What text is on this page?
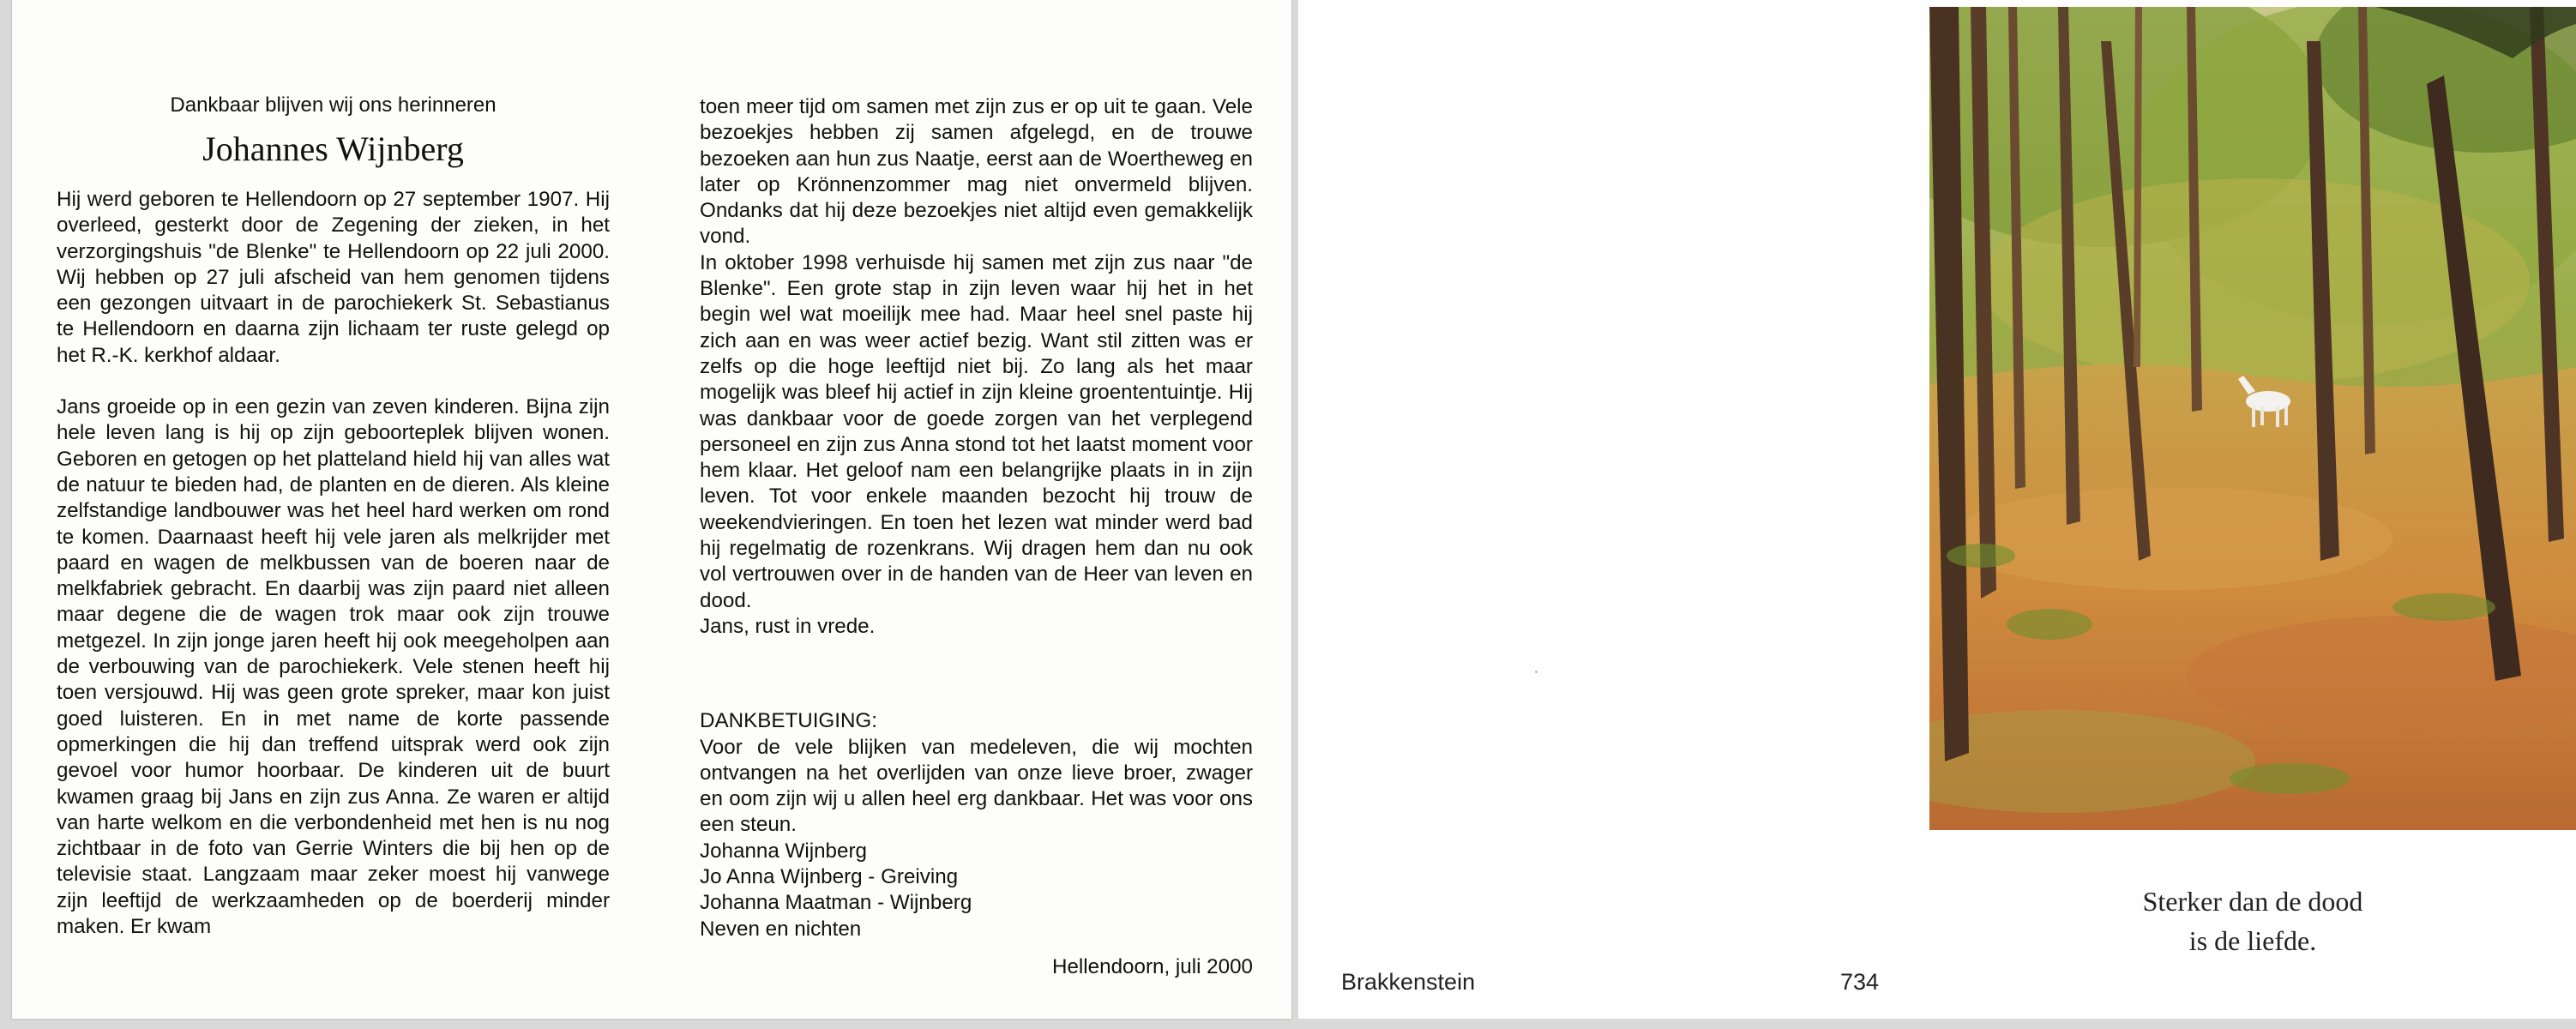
Dankbaar blijven wij ons herinneren

Johannes Wijnberg

Hij werd geboren te Hellendoorn op 27 september 1907. Hij overleed, gesterkt door de Zegening der zieken, in het verzorgingshuis "de Blenke" te Hellendoorn op 22 juli 2000. Wij hebben op 27 juli afscheid van hem genomen tijdens een gezongen uitvaart in de parochiekerk St. Sebastianus te Hellendoorn en daarna zijn lichaam ter ruste gelegd op het R.-K. kerkhof aldaar.

Jans groeide op in een gezin van zeven kinderen. Bijna zijn hele leven lang is hij op zijn geboorteplek blijven wonen. Geboren en getogen op het platteland hield hij van alles wat de natuur te bieden had, de planten en de dieren. Als kleine zelfstandige landbouwer was het heel hard werken om rond te komen. Daarnaast heeft hij vele jaren als melkrijder met paard en wagen de melkbussen van de boeren naar de melkfabriek gebracht. En daarbij was zijn paard niet alleen maar degene die de wagen trok maar ook zijn trouwe metgezel. In zijn jonge jaren heeft hij ook meegeholpen aan de verbouwing van de parochiekerk. Vele stenen heeft hij toen versjouwd. Hij was geen grote spreker, maar kon juist goed luisteren. En in met name de korte passende opmerkingen die hij dan treffend uitsprak werd ook zijn gevoel voor humor hoorbaar. De kinderen uit de buurt kwamen graag bij Jans en zijn zus Anna. Ze waren er altijd van harte welkom en die verbondenheid met hen is nu nog zichtbaar in de foto van Gerrie Winters die bij hen op de televisie staat. Langzaam maar zeker moest hij vanwege zijn leeftijd de werkzaamheden op de boerderij minder maken. Er kwam

toen meer tijd om samen met zijn zus er op uit te gaan. Vele bezoekjes hebben zij samen afgelegd, en de trouwe bezoeken aan hun zus Naatje, eerst aan de Woertheweg en later op Krönnenzommer mag niet onvermeld blijven. Ondanks dat hij deze bezoekjes niet altijd even gemakkelijk vond.

In oktober 1998 verhuisde hij samen met zijn zus naar "de Blenke". Een grote stap in zijn leven waar hij het in het begin wel wat moeilijk mee had. Maar heel snel paste hij zich aan en was weer actief bezig. Want stil zitten was er zelfs op die hoge leeftijd niet bij. Zo lang als het maar mogelijk was bleef hij actief in zijn kleine groententuintje. Hij was dankbaar voor de goede zorgen van het verplegend personeel en zijn zus Anna stond tot het laatst moment voor hem klaar. Het geloof nam een belangrijke plaats in in zijn leven. Tot voor enkele maanden bezocht hij trouw de weekendvieringen. En toen het lezen wat minder werd bad hij regelmatig de rozenkrans. Wij dragen hem dan nu ook vol vertrouwen over in de handen van de Heer van leven en dood.

Jans, rust in vrede.

DANKBETUIGING:

Voor de vele blijken van medeleven, die wij mochten ontvangen na het overlijden van onze lieve broer, zwager en oom zijn wij u allen heel erg dankbaar. Het was voor ons een steun.

Johanna Wijnberg

Jo Anna Wijnberg - Greiving

Johanna Maatman - Wijnberg

Neven en nichten

Hellendoorn, juli 2000

Sterker dan de dood
is de liefde.
Brakkenstein	734
